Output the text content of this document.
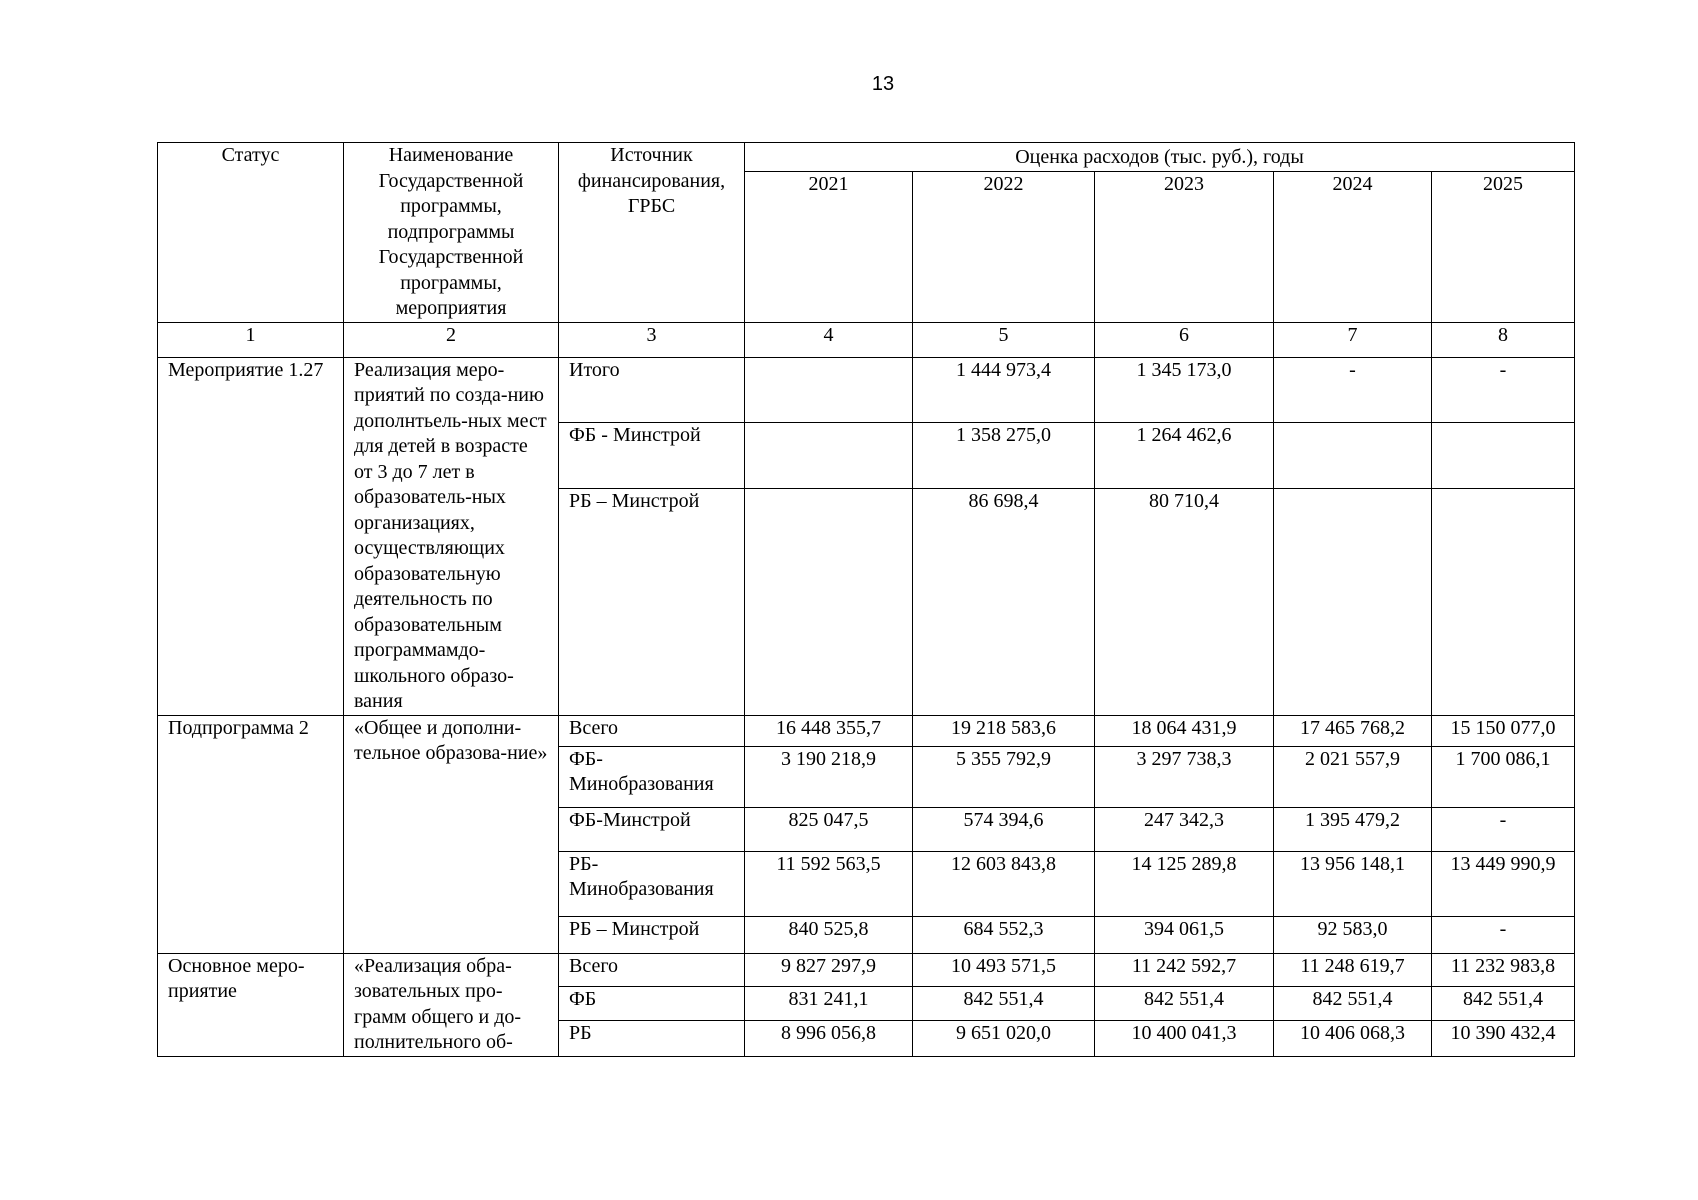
13
Статус	Наименование Государственной программы, подпрограммы Государственной программы, мероприятия	Источник финансирования, ГРБС	Оценка расходов (тыс. руб.), годы				
			2021	2022	2023	2024	2025
1	2	3	4	5	6	7	8
Мероприятие 1.27	Реализация меро-приятий по созда-нию дополнтьель-ных мест для детей в возрасте от 3 до 7 лет в образователь-ных организациях, осуществляющих образовательную деятельность по образовательным программамдо-школьного образо-вания	Итого		1 444 973,4	1 345 173,0	-	-
		ФБ - Минстрой		1 358 275,0	1 264 462,6		
		РБ – Минстрой		86 698,4	80 710,4		
Подпрограмма 2	«Общее и дополни-тельное образова-ние»	Всего	16 448 355,7	19 218 583,6	18 064 431,9	17 465 768,2	15 150 077,0
		ФБ-Минобразования	3 190 218,9	5 355 792,9	3 297 738,3	2 021 557,9	1 700 086,1
		ФБ-Минстрой	825 047,5	574 394,6	247 342,3	1 395 479,2	-
		РБ-Минобразования	11 592 563,5	12 603 843,8	14 125 289,8	13 956 148,1	13 449 990,9
		РБ – Минстрой	840 525,8	684 552,3	394 061,5	92 583,0	-
Основное меро-приятие	«Реализация обра-зовательных про-грамм общего и до-полнительного об-	Всего	9 827 297,9	10 493 571,5	11 242 592,7	11 248 619,7	11 232 983,8
		ФБ	831 241,1	842 551,4	842 551,4	842 551,4	842 551,4
		РБ	8 996 056,8	9 651 020,0	10 400 041,3	10 406 068,3	10 390 432,4
